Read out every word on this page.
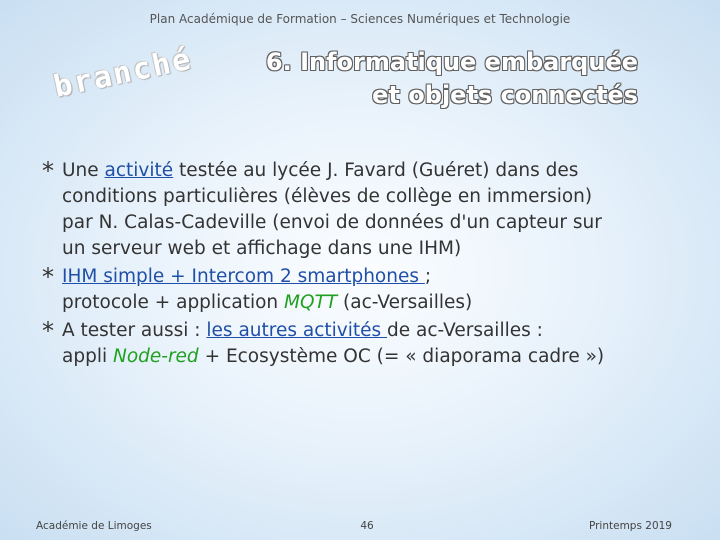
Plan Académique de Formation – Sciences Numériques et Technologie
branché	6. Informatique embarquée
et objets connectés
* Une activité testée au lycée J. Favard (Guéret) dans des
conditions particulières (élèves de collège en immersion)
par N. Calas-Cadeville (envoi de données d'un capteur sur
un serveur web et affichage dans une IHM)
* IHM simple + Intercom 2 smartphones ;
protocole + application MQTT (ac-Versailles)
* A tester aussi : les autres activités de ac-Versailles :
appli Node-red + Ecosystème OC (= « diaporama cadre »)
Académie de Limoges	46	Printemps 2019
